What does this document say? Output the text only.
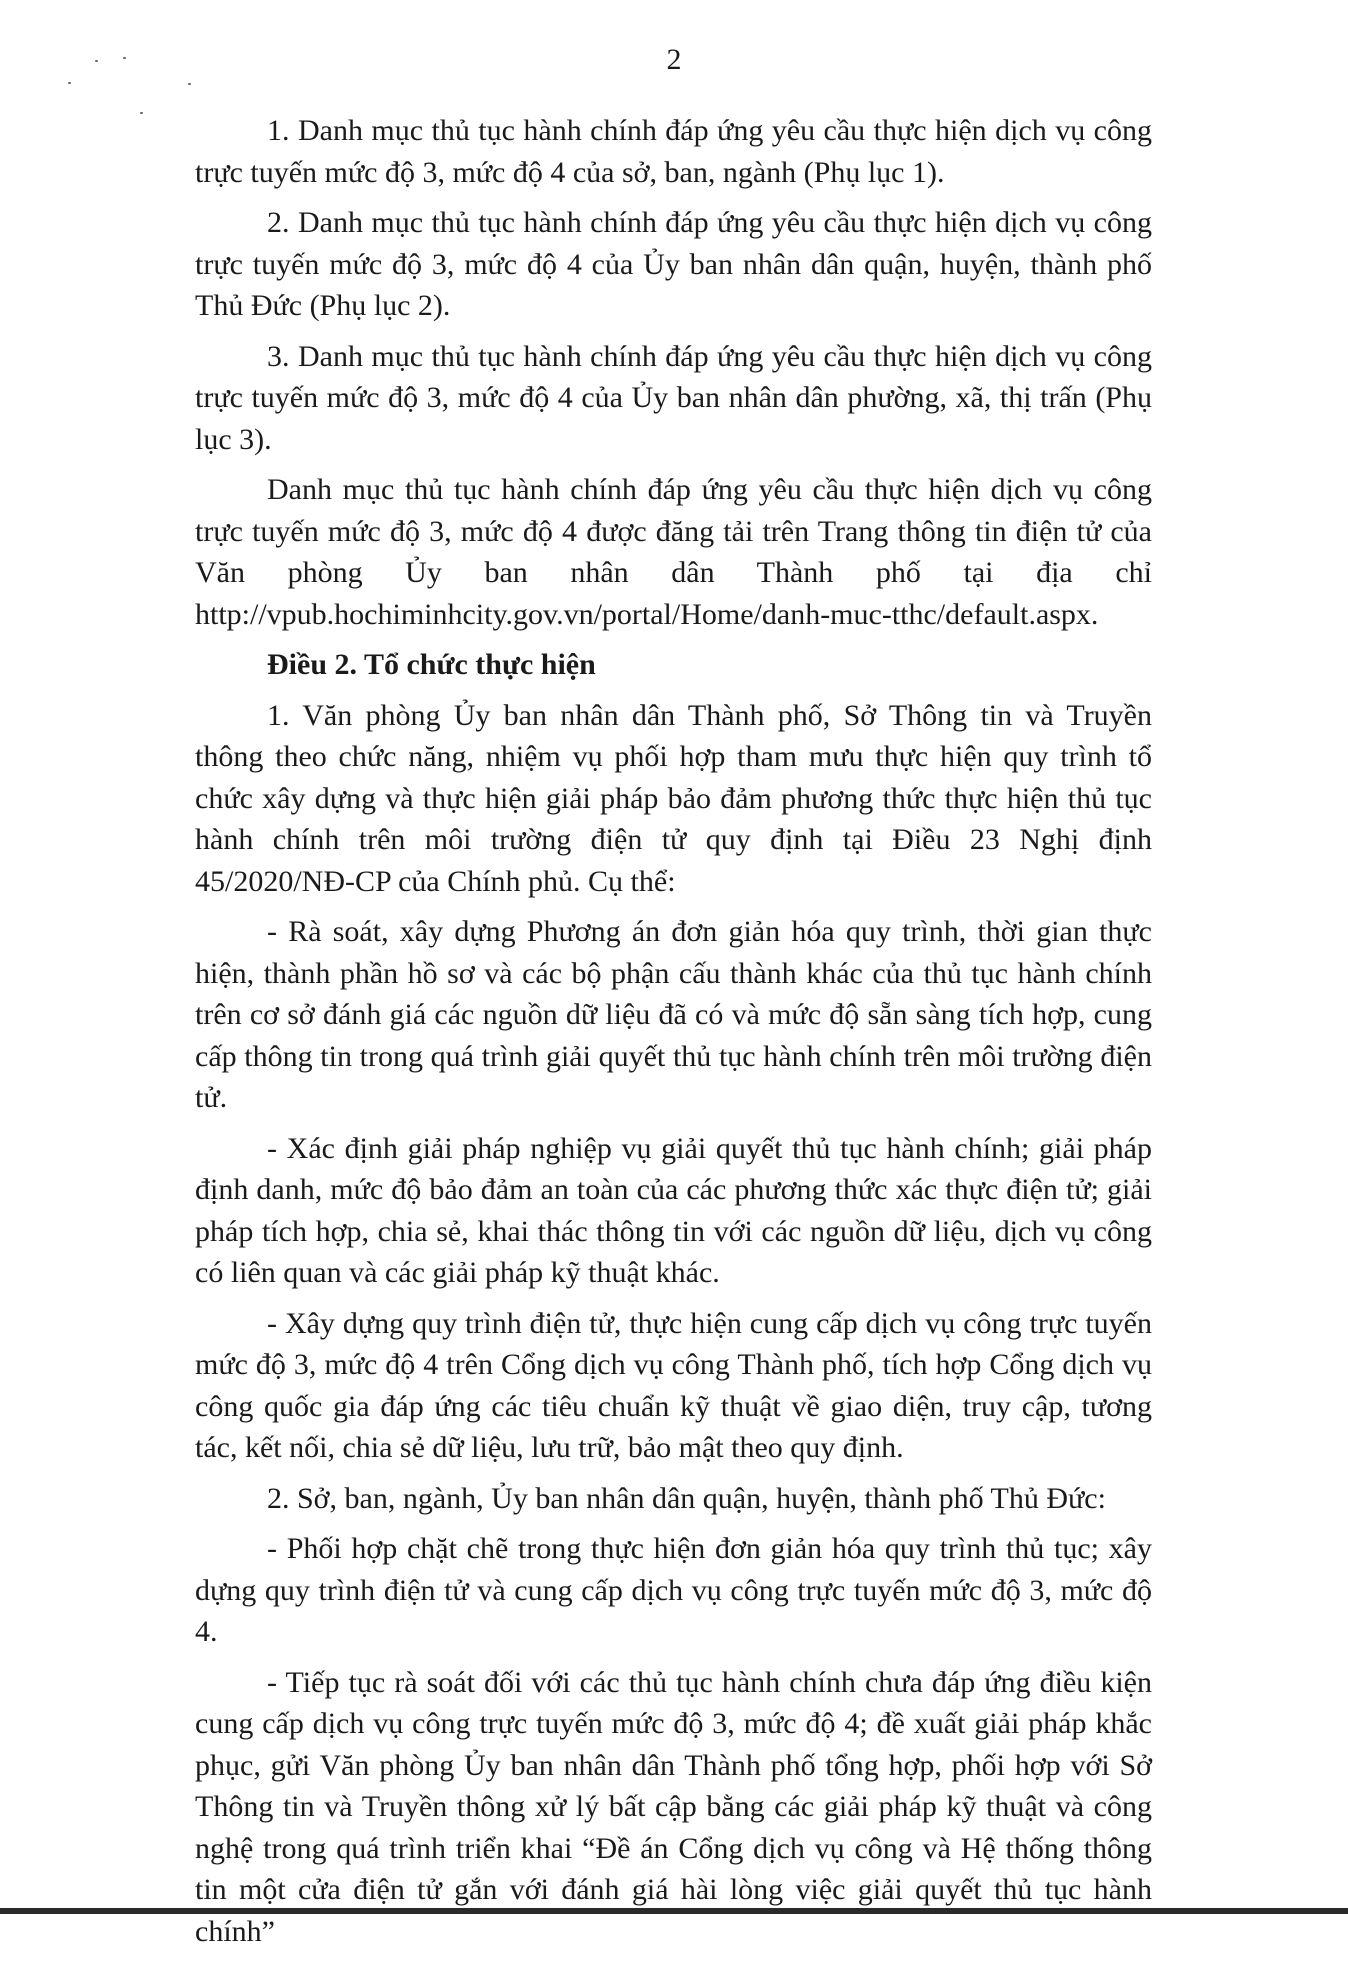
2

1. Danh mục thủ tục hành chính đáp ứng yêu cầu thực hiện dịch vụ công trực tuyến mức độ 3, mức độ 4 của sở, ban, ngành (Phụ lục 1).

2. Danh mục thủ tục hành chính đáp ứng yêu cầu thực hiện dịch vụ công trực tuyến mức độ 3, mức độ 4 của Ủy ban nhân dân quận, huyện, thành phố Thủ Đức (Phụ lục 2).

3. Danh mục thủ tục hành chính đáp ứng yêu cầu thực hiện dịch vụ công trực tuyến mức độ 3, mức độ 4 của Ủy ban nhân dân phường, xã, thị trấn (Phụ lục 3).

Danh mục thủ tục hành chính đáp ứng yêu cầu thực hiện dịch vụ công trực tuyến mức độ 3, mức độ 4 được đăng tải trên Trang thông tin điện tử của Văn phòng Ủy ban nhân dân Thành phố tại địa chỉ

http://vpub.hochiminhcity.gov.vn/portal/Home/danh-muc-tthc/default.aspx.

Điều 2. Tổ chức thực hiện

1. Văn phòng Ủy ban nhân dân Thành phố, Sở Thông tin và Truyền thông theo chức năng, nhiệm vụ phối hợp tham mưu thực hiện quy trình tổ chức xây dựng và thực hiện giải pháp bảo đảm phương thức thực hiện thủ tục hành chính trên môi trường điện tử quy định tại Điều 23 Nghị định 45/2020/NĐ-CP của Chính phủ. Cụ thể:

- Rà soát, xây dựng Phương án đơn giản hóa quy trình, thời gian thực hiện, thành phần hồ sơ và các bộ phận cấu thành khác của thủ tục hành chính trên cơ sở đánh giá các nguồn dữ liệu đã có và mức độ sẵn sàng tích hợp, cung cấp thông tin trong quá trình giải quyết thủ tục hành chính trên môi trường điện tử.

- Xác định giải pháp nghiệp vụ giải quyết thủ tục hành chính; giải pháp định danh, mức độ bảo đảm an toàn của các phương thức xác thực điện tử; giải pháp tích hợp, chia sẻ, khai thác thông tin với các nguồn dữ liệu, dịch vụ công có liên quan và các giải pháp kỹ thuật khác.

- Xây dựng quy trình điện tử, thực hiện cung cấp dịch vụ công trực tuyến mức độ 3, mức độ 4 trên Cổng dịch vụ công Thành phố, tích hợp Cổng dịch vụ công quốc gia đáp ứng các tiêu chuẩn kỹ thuật về giao diện, truy cập, tương tác, kết nối, chia sẻ dữ liệu, lưu trữ, bảo mật theo quy định.

2. Sở, ban, ngành, Ủy ban nhân dân quận, huyện, thành phố Thủ Đức:

- Phối hợp chặt chẽ trong thực hiện đơn giản hóa quy trình thủ tục; xây dựng quy trình điện tử và cung cấp dịch vụ công trực tuyến mức độ 3, mức độ 4.

- Tiếp tục rà soát đối với các thủ tục hành chính chưa đáp ứng điều kiện cung cấp dịch vụ công trực tuyến mức độ 3, mức độ 4; đề xuất giải pháp khắc phục, gửi Văn phòng Ủy ban nhân dân Thành phố tổng hợp, phối hợp với Sở Thông tin và Truyền thông xử lý bất cập bằng các giải pháp kỹ thuật và công nghệ trong quá trình triển khai “Đề án Cổng dịch vụ công và Hệ thống thông tin một cửa điện tử gắn với đánh giá hài lòng việc giải quyết thủ tục hành chính”
